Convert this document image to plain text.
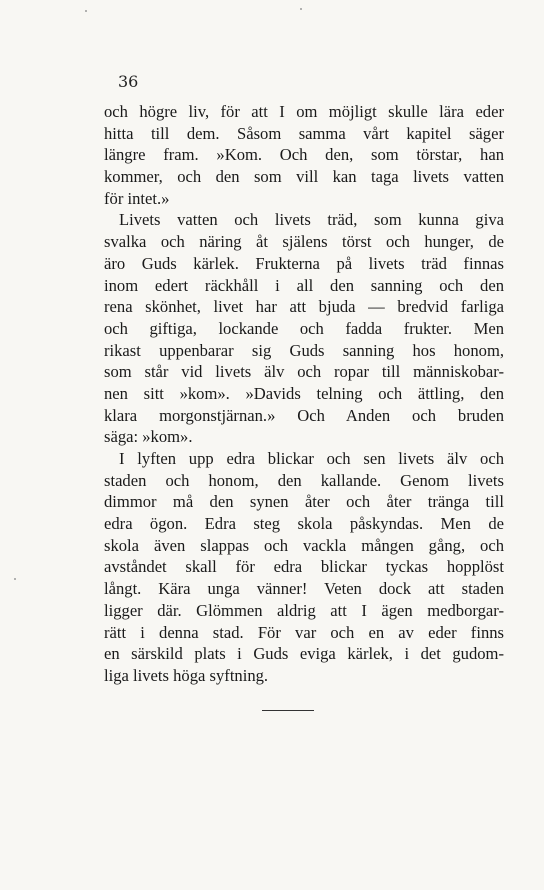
36
och högre liv, för att I om möjligt skulle lära eder
hitta till dem. Såsom samma vårt kapitel säger
längre fram. »Kom. Och den, som törstar, han
kommer, och den som vill kan taga livets vatten
för intet.»
Livets vatten och livets träd, som kunna giva
svalka och näring åt själens törst och hunger, de
äro Guds kärlek. Frukterna på livets träd finnas
inom edert räckhåll i all den sanning och den
rena skönhet, livet har att bjuda — bredvid farliga
och giftiga, lockande och fadda frukter. Men
rikast uppenbarar sig Guds sanning hos honom,
som står vid livets älv och ropar till människobar-
nen sitt »kom». »Davids telning och ättling, den
klara morgonstjärnan.» Och Anden och bruden
säga: »kom».
I lyften upp edra blickar och sen livets älv och
staden och honom, den kallande. Genom livets
dimmor må den synen åter och åter tränga till
edra ögon. Edra steg skola påskyndas. Men de
skola även slappas och vackla mången gång, och
avståndet skall för edra blickar tyckas hopplöst
långt. Kära unga vänner! Veten dock att staden
ligger där. Glömmen aldrig att I ägen medborgar-
rätt i denna stad. För var och en av eder finns
en särskild plats i Guds eviga kärlek, i det gudom-
liga livets höga syftning.
